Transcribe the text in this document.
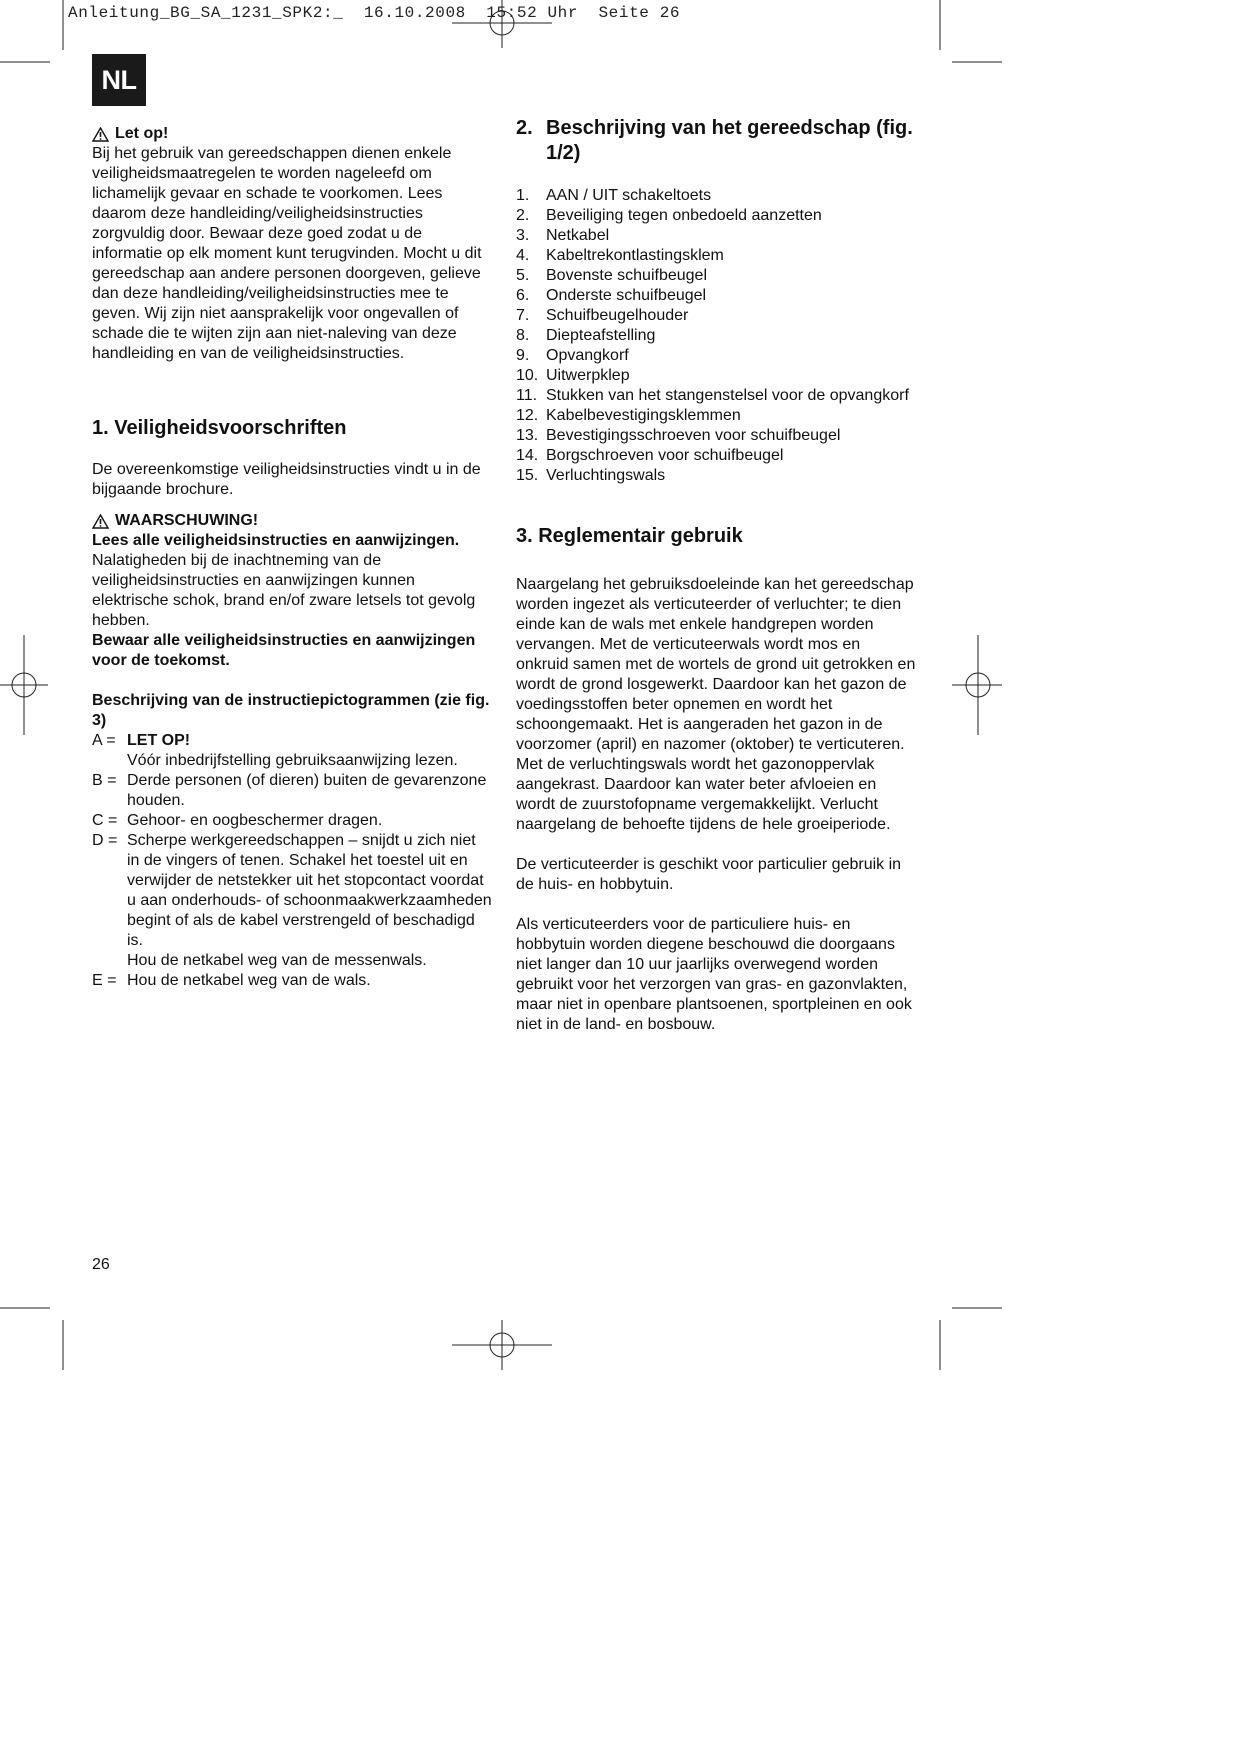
Anleitung_BG_SA_1231_SPK2:_  16.10.2008  15:52 Uhr  Seite 26
NL
Let op!

Bij het gebruik van gereedschappen dienen enkele veiligheidsmaatregelen te worden nageleefd om lichamelijk gevaar en schade te voorkomen. Lees daarom deze handleiding/veiligheidsinstructies zorgvuldig door. Bewaar deze goed zodat u de informatie op elk moment kunt terugvinden. Mocht u dit gereedschap aan andere personen doorgeven, gelieve dan deze handleiding/veiligheidsinstructies mee te geven. Wij zijn niet aansprakelijk voor ongevallen of schade die te wijten zijn aan niet-naleving van deze handleiding en van de veiligheidsinstructies.

1. Veiligheidsvoorschriften

De overeenkomstige veiligheidsinstructies vindt u in de bijgaande brochure.

WAARSCHUWING!

Lees alle veiligheidsinstructies en aanwijzingen.

Nalatigheden bij de inachtneming van de veiligheidsinstructies en aanwijzingen kunnen elektrische schok, brand en/of zware letsels tot gevolg hebben.

Bewaar alle veiligheidsinstructies en aanwijzingen voor de toekomst.

Beschrijving van de instructiepictogrammen (zie fig. 3)

A = LET OP!
Vóór inbedrijfstelling gebruiksaanwijzing lezen.
B = Derde personen (of dieren) buiten de gevarenzone houden.
C = Gehoor- en oogbeschermer dragen.
D = Scherpe werkgereedschappen – snijdt u zich niet in de vingers of tenen. Schakel het toestel uit en verwijder de netstekker uit het stopcontact voordat u aan onderhouds- of schoonmaakwerkzaamheden begint of als de kabel verstrengeld of beschadigd is.
Hou de netkabel weg van de messenwals.
E = Hou de netkabel weg van de wals.
2. Beschrijving van het gereedschap (fig. 1/2)
1.	AAN / UIT schakeltoets
2.	Beveiliging tegen onbedoeld aanzetten
3.	Netkabel
4.	Kabeltrekontlastingsklem
5.	Bovenste schuifbeugel
6.	Onderste schuifbeugel
7.	Schuifbeugelhouder
8.	Diepteafstelling
9.	Opvangkorf
10. Uitwerpklep
11. Stukken van het stangenstelsel voor de opvangkorf
12. Kabelbevestigingsklemmen
13. Bevestigingsschroeven voor schuifbeugel
14. Borgschroeven voor schuifbeugel
15. Verluchtingswals
3. Reglementair gebruik

Naargelang het gebruiksdoeleinde kan het gereedschap worden ingezet als verticuteerder of verluchter; te dien einde kan de wals met enkele handgrepen worden vervangen. Met de verticuteerwals wordt mos en onkruid samen met de wortels de grond uit getrokken en wordt de grond losgewerkt. Daardoor kan het gazon de voedingsstoffen beter opnemen en wordt het schoongemaakt. Het is aangeraden het gazon in de voorzomer (april) en nazomer (oktober) te verticuteren.

Met de verluchtingswals wordt het gazonoppervlak aangekrast. Daardoor kan water beter afvloeien en wordt de zuurstofopname vergemakkelijkt. Verlucht naargelang de behoefte tijdens de hele groeiperiode.

De verticuteerder is geschikt voor particulier gebruik in de huis- en hobbytuin.

Als verticuteerders voor de particuliere huis- en hobbytuin worden diegene beschouwd die doorgaans niet langer dan 10 uur jaarlijks overwegend worden gebruikt voor het verzorgen van gras- en gazonvlakten, maar niet in openbare plantsoenen, sportpleinen en ook niet in de land- en bosbouw.

26
